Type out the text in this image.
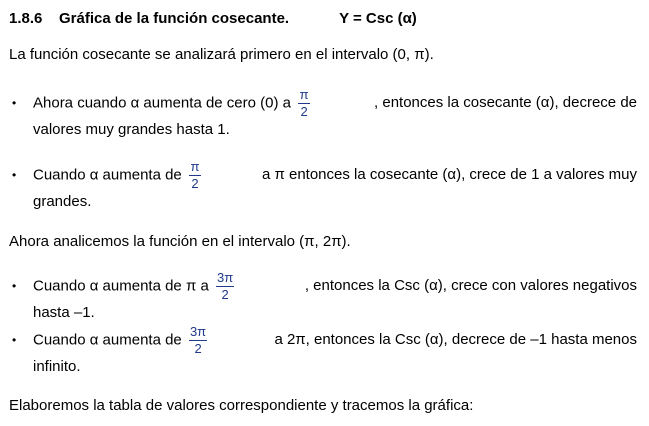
1.8.6 Gráfica de la función cosecante.	Y = Csc (α)
La función cosecante se analizará primero en el intervalo (0, π).
• Ahora cuando α aumenta de cero (0) a $\frac{\pi}{2}$	, entonces la cosecante (α), decrece de
valores muy grandes hasta 1.
• Cuando α aumenta de $\frac{\pi}{2}$	a π entonces la cosecante (α), crece de 1 a valores muy
grandes.
Ahora analicemos la función en el intervalo (π, 2π).
• Cuando α aumenta de π a $\frac{3\pi}{2}$	, entonces la Csc (α), crece con valores negativos
hasta –1.
• Cuando α aumenta de $\frac{3\pi}{2}$	a 2π, entonces la Csc (α), decrece de –1 hasta menos
infinito.
Elaboremos la tabla de valores correspondiente y tracemos la gráfica:
